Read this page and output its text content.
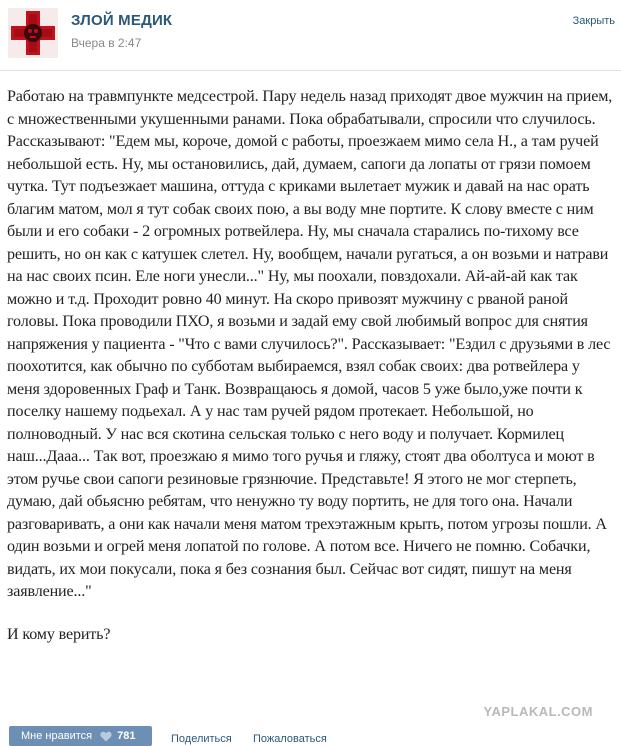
ЗЛОЙ МЕДИК
Вчера в 2:47
Закрыть

Работаю на травмпункте медсестрой. Пару недель назад приходят двое мужчин на прием, с множественными укушенными ранами. Пока обрабатывали, спросили что случилось.

Рассказывают: "Едем мы, короче, домой с работы, проезжаем мимо села Н., а там ручей небольшой есть. Ну, мы остановились, дай, думаем, сапоги да лопаты от грязи помоем чутка. Тут подъезжает машина, оттуда с криками вылетает мужик и давай на нас орать благим матом, мол я тут собак своих пою, а вы воду мне портите. К слову вместе с ним были и его собаки - 2 огромных ротвейлера. Ну, мы сначала старались по-тихому все решить, но он как с катушек слетел. Ну, вообщем, начали ругаться, а он возьми и натрави на нас своих псин. Еле ноги унесли..." Ну, мы поохали, повздохали. Ай-ай-ай как так можно и т.д. Проходит ровно 40 минут. На скоро привозят мужчину с рваной раной головы. Пока проводили ПХО, я возьми и задай ему свой любимый вопрос для снятия напряжения у пациента - "Что с вами случилось?". Рассказывает: "Ездил с друзьями в лес поохотится, как обычно по субботам выбираемся, взял собак своих: два ротвейлера у меня здоровенных Граф и Танк. Возвращаюсь я домой, часов 5 уже было,уже почти к поселку нашему подьехал. А у нас там ручей рядом протекает. Небольшой, но полноводный. У нас вся скотина сельская только с него воду и получает. Кормилец наш...Дааа... Так вот, проезжаю я мимо того ручья и гляжу, стоят два оболтуса и моют в этом ручье свои сапоги резиновые грязнючие. Представьте! Я этого не мог стерпеть, думаю, дай обьясню ребятам, что ненужно ту воду портить, не для того она. Начали разговаривать, а они как начали меня матом трехэтажным крыть, потом угрозы пошли. А один возьми и огрей меня лопатой по голове. А потом все. Ничего не помню. Собачки, видать, их мои покусали, пока я без сознания был. Сейчас вот сидят, пишут на меня заявление..."

И кому верить?

YAPLAKAL.COM
Мне нравится 781	Поделиться Пожаловаться
